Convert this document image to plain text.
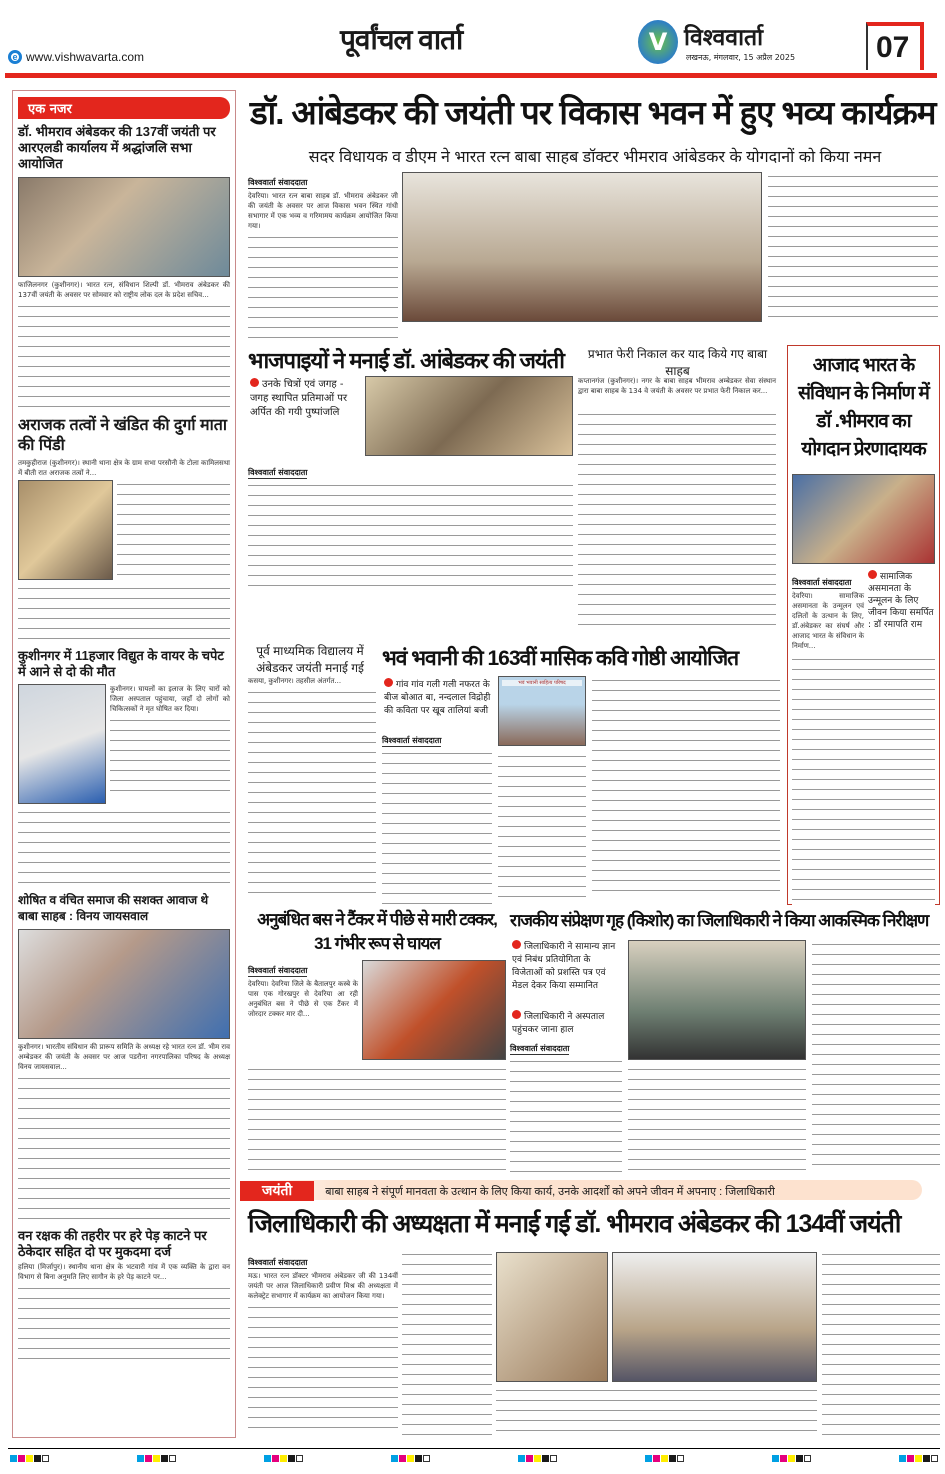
e www.vishwavarta.com
पूर्वांचल वार्ता	V विश्ववार्ता
लखनऊ, मंगलवार, 15 अप्रैल 2025	07
एक नजर
डॉ. भीमराव अंबेडकर की 137वीं जयंती पर आरएलडी कार्यालय में श्रद्धांजलि सभा आयोजित
फाजिलनगर (कुशीनगर)। भारत रत्न, संविधान शिल्पी डॉ. भीमराव अंबेडकर की 137वीं जयंती के अवसर पर सोमवार को राष्ट्रीय लोक दल के प्रदेश सचिव...
अराजक तत्वों ने खंडित की दुर्गा माता की पिंडी
तमकुहीराज (कुशीनगर)। स्थानी थाना क्षेत्र के ग्राम सभा परसौनी के टोला कामिलसथा में बीती रात अराजक तत्वों ने...
कुशीनगर में 11हजार विद्युत के वायर के चपेट में आने से दो की मौत
कुशीनगर। घायलों का इलाज के लिए चारों को जिला अस्पताल पहुंचाया, जहाँ दो लोगों को चिकित्सकों ने मृत घोषित कर दिया।
शोषित व वंचित समाज की सशक्त आवाज थे बाबा साहब : विनय जायसवाल
कुशीनगर। भारतीय संविधान की प्रारूप समिति के अध्यक्ष रहे भारत रत्न डॉ. भीम राव अम्बेडकर की जयंती के अवसर पर आज पडरौना नगरपालिका परिषद के अध्यक्ष विनय जायसवाल...
वन रक्षक की तहरीर पर हरे पेड़ काटने पर ठेकेदार सहित दो पर मुकदमा दर्ज
हलिया (मिर्जापुर)। स्थानीय थाना क्षेत्र के भटवारी गांव में एक व्यक्ति के द्वारा वन विभाग से बिना अनुमति लिए सागौन के हरे पेड़ काटने पर...
डॉ. आंबेडकर की जयंती पर विकास भवन में हुए भव्य कार्यक्रम
सदर विधायक व डीएम ने भारत रत्न बाबा साहब डॉक्टर भीमराव आंबेडकर के योगदानों को किया नमन
विश्ववार्ता संवाददाता
देवरिया। भारत रत्न बाबा साहब डॉ. भीमराव अंबेडकर जी की जयंती के अवसर पर आज विकास भवन स्थित गांधी सभागार में एक भव्य व गरिमामय कार्यक्रम आयोजित किया गया।
भाजपाइयों ने मनाई डॉ. आंबेडकर की जयंती
उनके चित्रों एवं जगह - जगह स्थापित प्रतिमाओं पर अर्पित की गयी पुष्पांजलि
विश्ववार्ता संवाददाता
प्रभात फेरी निकाल कर याद किये गए बाबा साहब
कप्तानगंज (कुशीनगर)। नगर के बाबा साहब भीमराव अम्बेडकर सेवा संस्थान द्वारा बाबा साहब के 134 वे जयंती के अवसर पर प्रभात फेरी निकाल कर...
आजाद भारत के संविधान के निर्माण में डॉ .भीमराव का योगदान प्रेरणादायक
विश्ववार्ता संवाददाता
देवरिया। सामाजिक असमानता के उन्मूलन एवं दलितों के उत्थान के लिए, डॉ.अंबेडकर का संघर्ष और आजाद भारत के संविधान के निर्माण...
सामाजिक असमानता के उन्मूलन के लिए जीवन किया समर्पित : डॉ रमापति राम
पूर्व माध्यमिक विद्यालय में अंबेडकर जयंती मनाई गई
कसया, कुशीनगर। तहसील अंतर्गत...
भवं भवानी की 163वीं मासिक कवि गोष्ठी आयोजित
गांव गांव गली गली नफरत के बीज बोआत बा, नन्दलाल विद्रोही की कविता पर खूब तालियां बजी
भवं भवानी साहित्य परिषद
विश्ववार्ता संवाददाता
अनुबंधित बस ने टैंकर में पीछे से मारी टक्कर, 31 गंभीर रूप से घायल
विश्ववार्ता संवाददाता
देवरिया। देवरिया जिले के बैतालपुर कस्बे के पास एक गोरखपुर से देवरिया आ रही अनुबंधित बस ने पीछे से एक टैंकर में जोरदार टक्कर मार दी...
राजकीय संप्रेक्षण गृह (किशोर) का जिलाधिकारी ने किया आकस्मिक निरीक्षण
जिलाधिकारी ने सामान्य ज्ञान एवं निबंध प्रतियोगिता के विजेताओं को प्रशस्ति पत्र एवं मेडल देकर किया सम्मानित
जिलाधिकारी ने अस्पताल पहुंचकर जाना हाल
विश्ववार्ता संवाददाता
जयंती	बाबा साहब ने संपूर्ण मानवता के उत्थान के लिए किया कार्य, उनके आदर्शों को अपने जीवन में अपनाए : जिलाधिकारी
जिलाधिकारी की अध्यक्षता में मनाई गई डॉ. भीमराव अंबेडकर की 134वीं जयंती
विश्ववार्ता संवाददाता
मऊ। भारत रत्न डॉक्टर भीमराव अंबेडकर जी की 134वीं जयंती पर आज जिलाधिकारी प्रवीण मिश्र की अध्यक्षता में कलेक्ट्रेट सभागार में कार्यक्रम का आयोजन किया गया।
